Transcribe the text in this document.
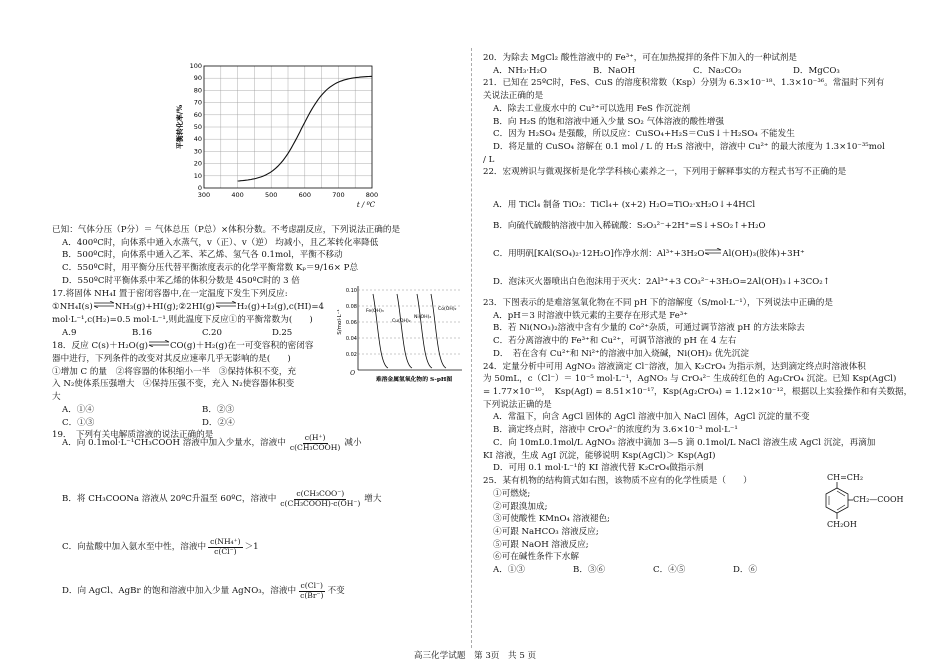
300	400	500	600	700	800
0
10
20
30
40
50
60
70
80
90
100
t / ºC
平衡转化率/%

已知：气体分压（P分）＝ 气体总压（P总）×体积分数。不考虑副反应，下列说法正确的是

A．400ºC时，向体系中通入水蒸气，v（正）、v（逆） 均减小，且乙苯转化率降低

B．500ºC时，向体系中通入乙苯、苯乙烯、氢气各 0.1mol，平衡不移动

C．550ºC时，用平衡分压代替平衡浓度表示的化学平衡常数 Kₚ＝9/16× P总

D．550ºC时平衡体系中苯乙烯的体积分数是 450ºC时的 3 倍

17.将固体 NH₄I 置于密闭容器中,在一定温度下发生下列反应:

①NH₄I(s)⇌NH₃(g)+HI(g);②2HI(g)⇌H₂(g)+I₂(g),c(HI)=4

mol·L⁻¹,c(H₂)=0.5 mol·L⁻¹,则此温度下反应①的平衡常数为(　　)

A.9	B.16	C.20	D.25

18．反应 C(s)＋H₂O(g)⇌CO(g)＋H₂(g)在一可变容积的密闭容

器中进行，下列条件的改变对其反应速率几乎无影响的是(　　)

①增加 C 的量　②将容器的体积缩小一半　③保持体积不变，充

入 N₂使体系压强增大　④保持压强不变，充入 N₂使容器体积变

大

A．①④	B．②③
C．①③	D．②④

19．　下列有关电解质溶液的说法正确的是

A．向 0.1mol·L⁻¹CH₃COOH 溶液中加入少量水，溶液中 $\frac{c(H^+)}{\text{c(CH₃COOH)}}$ 减小
B．将 CH₃COONa 溶液从 20ºC升温至 60ºC，溶液中 $\frac{\text{c(CH₃COO⁻)}}{\text{c(CH₃COOH)·c(OH⁻)}}$ 增大
C．向盐酸中加入氨水至中性，溶液中 $\frac{\text{c(NH₄⁺)}}{c(Cl^-)} >1$
D．向 AgCl、AgBr 的饱和溶液中加入少量 AgNO₃，溶液中 $\frac{c(Cl^-)}{c(Br^-)}$ 不变
0.10
0.08
0.06
0.04
0.02
O
S/mol·L⁻¹
难溶金属氢氧化物的 S-pH图
Fe(OH)₃
Cu(OH)₂
Ni(OH)₂
Co(OH)₂

20．为除去 MgCl₂ 酸性溶液中的 Fe³⁺，可在加热搅拌的条件下加入的一种试剂是

A．NH₃·H₂O	B．NaOH	C．Na₂CO₃	D．MgCO₃

21．已知在 25ºC时，FeS、CuS 的溶度积常数（Ksp）分别为 6.3×10⁻¹⁸、1.3×10⁻³⁶。常温时下列有

关说法正确的是

A．除去工业废水中的 Cu²⁺可以选用 FeS 作沉淀剂

B．向 H₂S 的饱和溶液中通入少量 SO₂ 气体溶液的酸性增强

C．因为 H₂SO₄ 是强酸，所以反应：CuSO₄+H₂S＝CuS↓＋H₂SO₄ 不能发生

D．将足量的 CuSO₄ 溶解在 0.1 mol / L 的 H₂S 溶液中，溶液中 Cu²⁺ 的最大浓度为 1.3×10⁻³⁵mol

/ L

22．宏观辨识与微观探析是化学学科核心素养之一，下列用于解释事实的方程式书写不正确的是

A．用 TiCl₄ 制备 TiO₂：TiCl₄+ (x+2) H₂O=TiO₂·xH₂O↓+4HCl

B．向硫代硫酸钠溶液中加入稀硫酸：S₂O₃²⁻+2H⁺=S↓+SO₂↑+H₂O

C．用明矾[KAl(SO₄)₂·12H₂O]作净水剂：Al³⁺+3H₂O⇌Al(OH)₃(胶体)+3H⁺

D．泡沫灭火器喷出白色泡沫用于灭火：2Al³⁺+3 CO₃²⁻+3H₂O=2Al(OH)₃↓+3CO₂↑

23．下图表示的是难溶氢氧化物在不同 pH 下的溶解度（S/mol·L⁻¹），下列说法中正确的是

A．pH＝3 时溶液中铁元素的主要存在形式是 Fe³⁺

B．若 Ni(NO₃)₂溶液中含有少量的 Co²⁺杂质，可通过调节溶液 pH 的方法来除去

C．若分离溶液中的 Fe³⁺和 Cu²⁺，可调节溶液的 pH 在 4 左右

D．　若在含有 Cu²⁺和 Ni²⁺的溶液中加入烧碱，Ni(OH)₂ 优先沉淀

24．定量分析中可用 AgNO₃ 溶液滴定 Cl⁻溶液，加入 K₂CrO₄ 为指示剂，达到滴定终点时溶液体积

为 50mL，c（Cl⁻）＝ 10⁻⁵ mol·L⁻¹，AgNO₃ 与 CrO₄²⁻ 生成砖红色的 Ag₂CrO₄ 沉淀。已知 Ksp(AgCl)

= 1.77×10⁻¹⁰，　Ksp(AgI) = 8.51×10⁻¹⁷，Ksp(Ag₂CrO₄) = 1.12×10⁻¹²，根据以上实验操作和有关数据，

下列说法正确的是

A．常温下，向含 AgCl 固体的 AgCl 溶液中加入 NaCl 固体，AgCl 沉淀的量不变

B．滴定终点时，溶液中 CrO₄²⁻的浓度约为 3.6×10⁻³ mol·L⁻¹

C．向 10mL0.1mol/L AgNO₃ 溶液中滴加 3—5 滴 0.1mol/L NaCl 溶液生成 AgCl 沉淀，再滴加

KI 溶液，生成 AgI 沉淀，能够说明 Ksp(AgCl)＞ Ksp(AgI)

D．可用 0.1 mol·L⁻¹的 KI 溶液代替 K₂CrO₄做指示剂

25．某有机物的结构简式如右图，该物质不应有的化学性质是（　　）

①可燃烧;

②可跟溴加成;

③可使酸性 KMnO₄ 溶液褪色;

④可跟 NaHCO₃ 溶液反应;

⑤可跟 NaOH 溶液反应;

⑥可在碱性条件下水解

A．①③	B．③⑥	C．④⑤	D．⑥
CH=CH₂
CH₂—COOH
CH₂OH
高三化学试题　第 3页　共 5 页
